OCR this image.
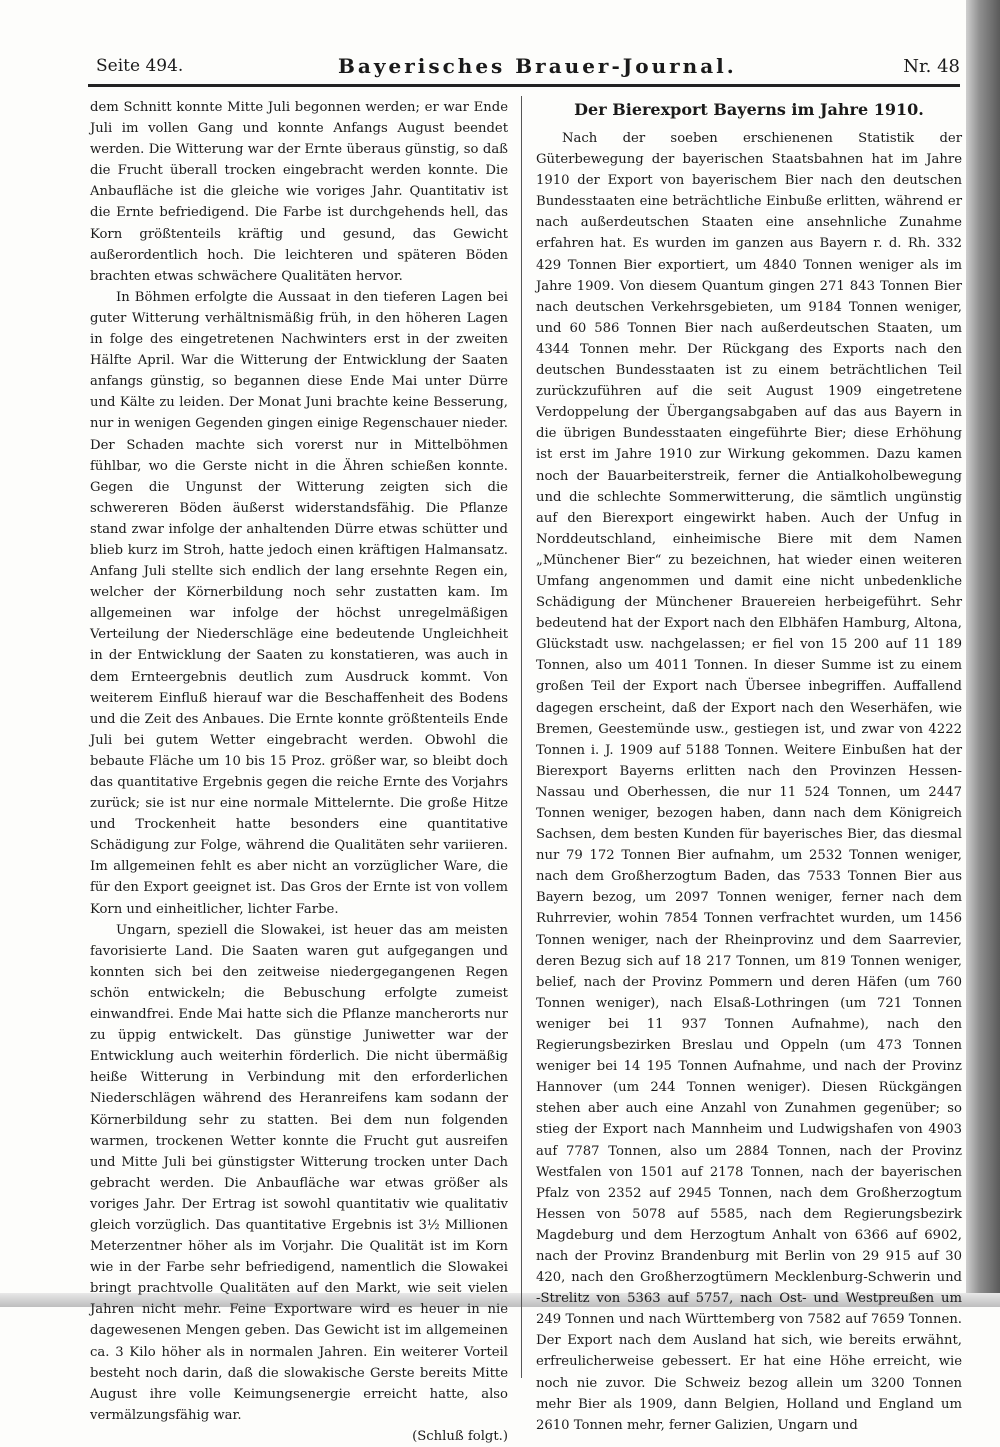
Seite 494.	Bayerisches Brauer-Journal.	Nr. 48

dem Schnitt konnte Mitte Juli begonnen werden; er war Ende Juli im vollen Gang und konnte Anfangs August beendet werden. Die Witterung war der Ernte überaus günstig, so daß die Frucht überall trocken eingebracht werden konnte. Die Anbaufläche ist die gleiche wie voriges Jahr. Quantitativ ist die Ernte befriedigend. Die Farbe ist durchgehends hell, das Korn größtenteils kräftig und gesund, das Gewicht außerordentlich hoch. Die leichteren und späteren Böden brachten etwas schwächere Qualitäten hervor.

In Böhmen erfolgte die Aussaat in den tieferen Lagen bei guter Witterung verhältnismäßig früh, in den höheren Lagen in folge des eingetretenen Nachwinters erst in der zweiten Hälfte April. War die Witterung der Entwicklung der Saaten anfangs günstig, so begannen diese Ende Mai unter Dürre und Kälte zu leiden. Der Monat Juni brachte keine Besserung, nur in wenigen Gegenden gingen einige Regenschauer nieder. Der Schaden machte sich vorerst nur in Mittelböhmen fühlbar, wo die Gerste nicht in die Ähren schießen konnte. Gegen die Ungunst der Witterung zeigten sich die schwereren Böden äußerst widerstandsfähig. Die Pflanze stand zwar infolge der anhaltenden Dürre etwas schütter und blieb kurz im Stroh, hatte jedoch einen kräftigen Halmansatz. Anfang Juli stellte sich endlich der lang ersehnte Regen ein, welcher der Körnerbildung noch sehr zustatten kam. Im allgemeinen war infolge der höchst unregelmäßigen Verteilung der Niederschläge eine bedeutende Ungleichheit in der Entwicklung der Saaten zu konstatieren, was auch in dem Ernteergebnis deutlich zum Ausdruck kommt. Von weiterem Einfluß hierauf war die Beschaffenheit des Bodens und die Zeit des Anbaues. Die Ernte konnte größtenteils Ende Juli bei gutem Wetter eingebracht werden. Obwohl die bebaute Fläche um 10 bis 15 Proz. größer war, so bleibt doch das quantitative Ergebnis gegen die reiche Ernte des Vorjahrs zurück; sie ist nur eine normale Mittelernte. Die große Hitze und Trockenheit hatte besonders eine quantitative Schädigung zur Folge, während die Qualitäten sehr variieren. Im allgemeinen fehlt es aber nicht an vorzüglicher Ware, die für den Export geeignet ist. Das Gros der Ernte ist von vollem Korn und einheitlicher, lichter Farbe.

Ungarn, speziell die Slowakei, ist heuer das am meisten favorisierte Land. Die Saaten waren gut aufgegangen und konnten sich bei den zeitweise niedergegangenen Regen schön entwickeln; die Bebuschung erfolgte zumeist einwandfrei. Ende Mai hatte sich die Pflanze mancherorts nur zu üppig entwickelt. Das günstige Juniwetter war der Entwicklung auch weiterhin förderlich. Die nicht übermäßig heiße Witterung in Verbindung mit den erforderlichen Niederschlägen während des Heranreifens kam sodann der Körnerbildung sehr zu statten. Bei dem nun folgenden warmen, trockenen Wetter konnte die Frucht gut ausreifen und Mitte Juli bei günstigster Witterung trocken unter Dach gebracht werden. Die Anbaufläche war etwas größer als voriges Jahr. Der Ertrag ist sowohl quantitativ wie qualitativ gleich vorzüglich. Das quantitative Ergebnis ist 3½ Millionen Meterzentner höher als im Vorjahr. Die Qualität ist im Korn wie in der Farbe sehr befriedigend, namentlich die Slowakei bringt prachtvolle Qualitäten auf den Markt, wie seit vielen Jahren nicht mehr. Feine Exportware wird es heuer in nie dagewesenen Mengen geben. Das Gewicht ist im allgemeinen ca. 3 Kilo höher als in normalen Jahren. Ein weiterer Vorteil besteht noch darin, daß die slowakische Gerste bereits Mitte August ihre volle Keimungsenergie erreicht hatte, also vermälzungsfähig war.

(Schluß folgt.)
Der Bierexport Bayerns im Jahre 1910.

Nach der soeben erschienenen Statistik der Güterbewegung der bayerischen Staatsbahnen hat im Jahre 1910 der Export von bayerischem Bier nach den deutschen Bundesstaaten eine beträchtliche Einbuße erlitten, während er nach außerdeutschen Staaten eine ansehnliche Zunahme erfahren hat. Es wurden im ganzen aus Bayern r. d. Rh. 332 429 Tonnen Bier exportiert, um 4840 Tonnen weniger als im Jahre 1909. Von diesem Quantum gingen 271 843 Tonnen Bier nach deutschen Verkehrsgebieten, um 9184 Tonnen weniger, und 60 586 Tonnen Bier nach außerdeutschen Staaten, um 4344 Tonnen mehr. Der Rückgang des Exports nach den deutschen Bundesstaaten ist zu einem beträchtlichen Teil zurückzuführen auf die seit August 1909 eingetretene Verdoppelung der Übergangsabgaben auf das aus Bayern in die übrigen Bundesstaaten eingeführte Bier; diese Erhöhung ist erst im Jahre 1910 zur Wirkung gekommen. Dazu kamen noch der Bauarbeiterstreik, ferner die Antialkoholbewegung und die schlechte Sommerwitterung, die sämtlich ungünstig auf den Bierexport eingewirkt haben. Auch der Unfug in Norddeutschland, einheimische Biere mit dem Namen „Münchener Bier“ zu bezeichnen, hat wieder einen weiteren Umfang angenommen und damit eine nicht unbedenkliche Schädigung der Münchener Brauereien herbeigeführt. Sehr bedeutend hat der Export nach den Elbhäfen Hamburg, Altona, Glückstadt usw. nachgelassen; er fiel von 15 200 auf 11 189 Tonnen, also um 4011 Tonnen. In dieser Summe ist zu einem großen Teil der Export nach Übersee inbegriffen. Auffallend dagegen erscheint, daß der Export nach den Weserhäfen, wie Bremen, Geestemünde usw., gestiegen ist, und zwar von 4222 Tonnen i. J. 1909 auf 5188 Tonnen. Weitere Einbußen hat der Bierexport Bayerns erlitten nach den Provinzen Hessen-Nassau und Oberhessen, die nur 11 524 Tonnen, um 2447 Tonnen weniger, bezogen haben, dann nach dem Königreich Sachsen, dem besten Kunden für bayerisches Bier, das diesmal nur 79 172 Tonnen Bier aufnahm, um 2532 Tonnen weniger, nach dem Großherzogtum Baden, das 7533 Tonnen Bier aus Bayern bezog, um 2097 Tonnen weniger, ferner nach dem Ruhrrevier, wohin 7854 Tonnen verfrachtet wurden, um 1456 Tonnen weniger, nach der Rheinprovinz und dem Saarrevier, deren Bezug sich auf 18 217 Tonnen, um 819 Tonnen weniger, belief, nach der Provinz Pommern und deren Häfen (um 760 Tonnen weniger), nach Elsaß-Lothringen (um 721 Tonnen weniger bei 11 937 Tonnen Aufnahme), nach den Regierungsbezirken Breslau und Oppeln (um 473 Tonnen weniger bei 14 195 Tonnen Aufnahme, und nach der Provinz Hannover (um 244 Tonnen weniger). Diesen Rückgängen stehen aber auch eine Anzahl von Zunahmen gegenüber; so stieg der Export nach Mannheim und Ludwigshafen von 4903 auf 7787 Tonnen, also um 2884 Tonnen, nach der Provinz Westfalen von 1501 auf 2178 Tonnen, nach der bayerischen Pfalz von 2352 auf 2945 Tonnen, nach dem Großherzogtum Hessen von 5078 auf 5585, nach dem Regierungsbezirk Magdeburg und dem Herzogtum Anhalt von 6366 auf 6902, nach der Provinz Brandenburg mit Berlin von 29 915 auf 30 420, nach den Großherzogtümern Mecklenburg-Schwerin und -Strelitz von 5363 auf 5757, nach Ost- und Westpreußen um 249 Tonnen und nach Württemberg von 7582 auf 7659 Tonnen. Der Export nach dem Ausland hat sich, wie bereits erwähnt, erfreulicherweise gebessert. Er hat eine Höhe erreicht, wie noch nie zuvor. Die Schweiz bezog allein um 3200 Tonnen mehr Bier als 1909, dann Belgien, Holland und England um 2610 Tonnen mehr, ferner Galizien, Ungarn und
